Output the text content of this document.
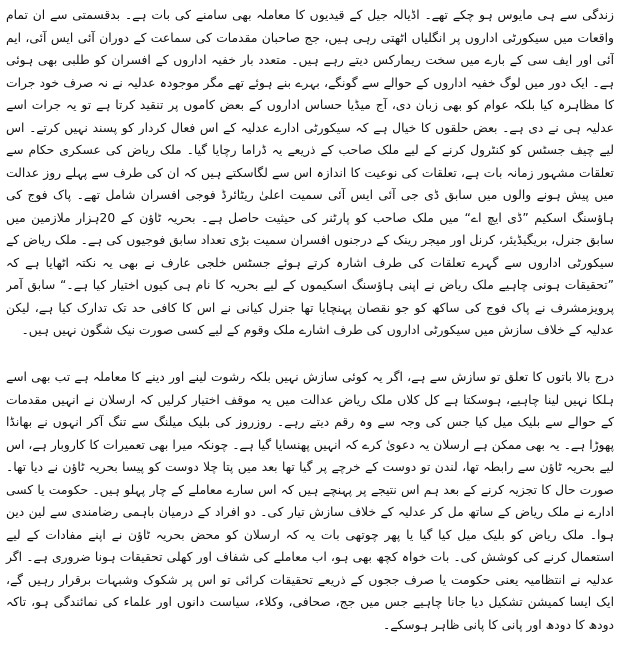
زندگی سے ہی مایوس ہو چکے تھے۔ اڈیالہ جیل کے قیدیوں کا معاملہ بھی سامنے کی بات ہے۔ بدقسمتی سے ان تمام واقعات میں سیکورٹی اداروں پر انگلیاں اٹھتی رہی ہیں، جج صاحبان مقدمات کی سماعت کے دوران آئی ایس آئی، ایم آئی اور ایف سی کے بارے میں سخت ریمارکس دیتے رہے ہیں۔ متعدد بار خفیہ اداروں کے افسران کو طلبی بھی ہوئی ہے۔ ایک دور میں لوگ خفیہ اداروں کے حوالے سے گونگے، بہرے بنے ہوئے تھے مگر موجودہ عدلیہ نے نہ صرف خود جرات کا مظاہرہ کیا بلکہ عوام کو بھی زبان دی، آج میڈیا حساس اداروں کے بعض کاموں پر تنقید کرتا ہے تو یہ جرات اسے عدلیہ ہی نے دی ہے۔ بعض حلقوں کا خیال ہے کہ سیکورٹی ادارے عدلیہ کے اس فعال کردار کو پسند نہیں کرتے۔ اس لیے چیف جسٹس کو کنٹرول کرنے کے لیے ملک صاحب کے ذریعے یہ ڈراما رچایا گیا۔ ملک ریاض کی عسکری حکام سے تعلقات مشہور زمانہ بات ہے، تعلقات کی نوعیت کا اندازہ اس سے لگاسکتے ہیں کہ ان کی طرف سے پہلے روز عدالت میں پیش ہونے والوں میں سابق ڈی جی آئی ایس آئی سمیت اعلیٰ ریٹائرڈ فوجی افسران شامل تھے۔ پاک فوج کی ہاؤسنگ اسکیم ”ڈی ایچ اے“ میں ملک صاحب کو پارٹنر کی حیثیت حاصل ہے۔ بحریہ ٹاؤن کے 20ہزار ملازمین میں سابق جنرل، بریگیڈیئر، کرنل اور میجر رینک کے درجنوں افسران سمیت بڑی تعداد سابق فوجیوں کی ہے۔ ملک ریاض کے سیکورٹی اداروں سے گہرے تعلقات کی طرف اشارہ کرتے ہوئے جسٹس خلجی عارف نے بھی یہ نکتہ اٹھایا ہے کہ ”تحقیقات ہونی چاہیے ملک ریاض نے اپنی ہاؤسنگ اسکیموں کے لیے بحریہ کا نام ہی کیوں اختیار کیا ہے۔“ سابق آمر پرویزمشرف نے پاک فوج کی ساکھ کو جو نقصان پہنچایا تھا جنرل کیانی نے اس کا کافی حد تک تدارک کیا ہے، لیکن عدلیہ کے خلاف سازش میں سیکورٹی اداروں کی طرف اشارے ملک وقوم کے لیے کسی صورت نیک شگون نہیں ہیں۔

درج بالا باتوں کا تعلق تو سازش سے ہے، اگر یہ کوئی سازش نہیں بلکہ رشوت لینے اور دینے کا معاملہ ہے تب بھی اسے ہلکا نہیں لینا چاہیے، ہوسکتا ہے کل کلاں ملک ریاض عدالت میں یہ موقف اختیار کرلیں کہ ارسلان نے انہیں مقدمات کے حوالے سے بلیک میل کیا جس کی وجہ سے وہ رقم دیتے رہے۔ روزروز کی بلیک میلنگ سے تنگ آکر انہوں نے بھانڈا پھوڑا ہے۔ یہ بھی ممکن ہے ارسلان یہ دعویٰ کرے کہ انہیں پھنسایا گیا ہے۔ چونکہ میرا بھی تعمیرات کا کاروبار ہے، اس لیے بحریہ ٹاؤن سے رابطہ تھا، لندن تو دوست کے خرچے پر گیا تھا بعد میں پتا چلا دوست کو پیسا بحریہ ٹاؤن نے دیا تھا۔ صورت حال کا تجزیہ کرنے کے بعد ہم اس نتیجے پر پہنچے ہیں کہ اس سارے معاملے کے چار پہلو ہیں۔ حکومت یا کسی ادارے نے ملک ریاض کے ساتھ مل کر عدلیہ کے خلاف سازش تیار کی۔ دو افراد کے درمیان باہمی رضامندی سے لین دین ہوا۔ ملک ریاض کو بلیک میل کیا گیا یا پھر چوتھی بات یہ کہ ارسلان کو محض بحریہ ٹاؤن نے اپنے مفادات کے لیے استعمال کرنے کی کوشش کی۔ بات خواہ کچھ بھی ہو، اب معاملے کی شفاف اور کھلی تحقیقات ہونا ضروری ہے۔ اگر عدلیہ نے انتظامیہ یعنی حکومت یا صرف ججوں کے ذریعے تحقیقات کرائی تو اس پر شکوک وشبہات برقرار رہیں گے، ایک ایسا کمیشن تشکیل دیا جانا چاہیے جس میں جج، صحافی، وکلاء، سیاست دانوں اور علماء کی نمائندگی ہو، تاکہ دودھ کا دودھ اور پانی کا پانی ظاہر ہوسکے۔
